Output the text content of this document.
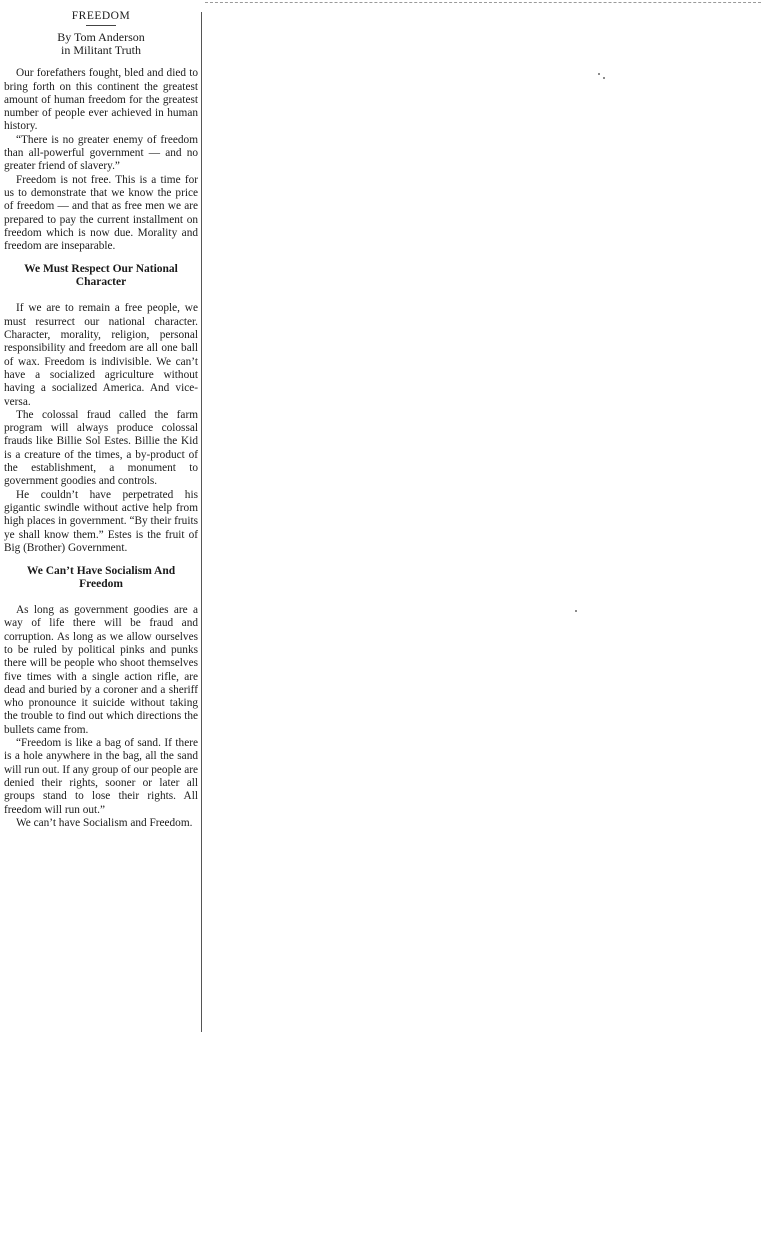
FREEDOM
By Tom Anderson
in Militant Truth

Our forefathers fought, bled and died to bring forth on this continent the greatest amount of human freedom for the greatest number of people ever achieved in human history.

“There is no greater enemy of freedom than all-powerful government — and no greater friend of slavery.”

Freedom is not free. This is a time for us to demonstrate that we know the price of freedom — and that as free men we are prepared to pay the current installment on freedom which is now due. Morality and freedom are inseparable.

We Must Respect Our National Character

If we are to remain a free people, we must resurrect our national character. Character, morality, religion, personal responsibility and freedom are all one ball of wax. Freedom is indivisible. We can’t have a socialized agriculture without having a socialized America. And vice-versa.

The colossal fraud called the farm program will always produce colossal frauds like Billie Sol Estes. Billie the Kid is a creature of the times, a by-product of the establishment, a monument to government goodies and controls.

He couldn’t have perpetrated his gigantic swindle without active help from high places in government. “By their fruits ye shall know them.” Estes is the fruit of Big (Brother) Government.

We Can’t Have Socialism And Freedom

As long as government goodies are a way of life there will be fraud and corruption. As long as we allow ourselves to be ruled by political pinks and punks there will be people who shoot themselves five times with a single action rifle, are dead and buried by a coroner and a sheriff who pronounce it suicide without taking the trouble to find out which directions the bullets came from.

“Freedom is like a bag of sand. If there is a hole anywhere in the bag, all the sand will run out. If any group of our people are denied their rights, sooner or later all groups stand to lose their rights. All freedom will run out.”

We can’t have Socialism and Freedom.
